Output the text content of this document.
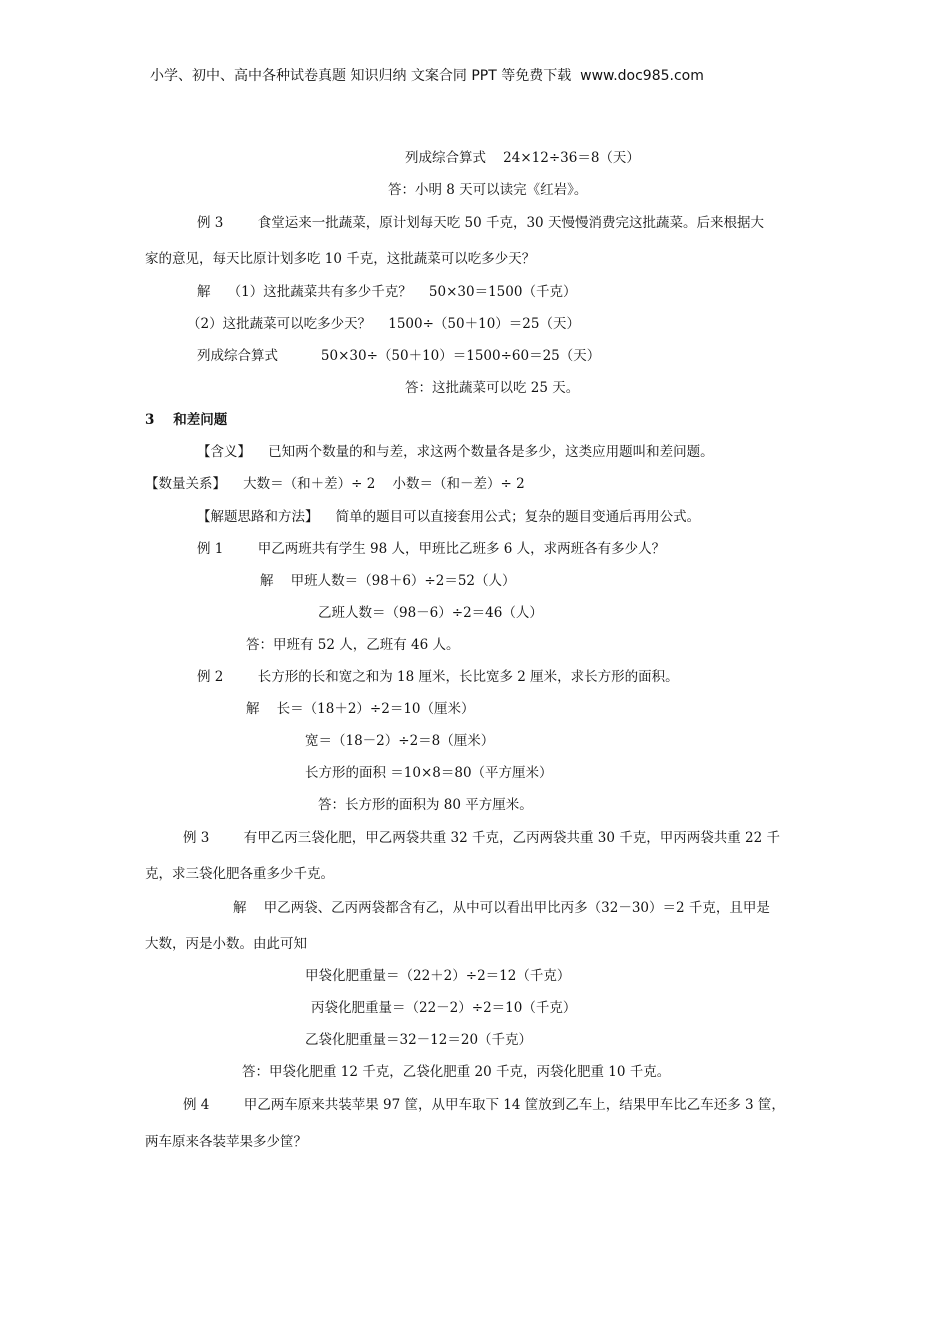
小学、初中、高中各种试卷真题 知识归纳 文案合同 PPT 等免费下载  www.doc985.com
列成综合算式    24×12÷36＝8（天）
答：小明 8 天可以读完《红岩》。
例 3        食堂运来一批蔬菜，原计划每天吃 50 千克，30 天慢慢消费完这批蔬菜。后来根据大
家的意见，每天比原计划多吃 10 千克，这批蔬菜可以吃多少天？
解    （1）这批蔬菜共有多少千克？    50×30＝1500（千克）
（2）这批蔬菜可以吃多少天？    1500÷（50＋10）＝25（天）
列成综合算式          50×30÷（50＋10）＝1500÷60＝25（天）
答：这批蔬菜可以吃 25 天。
3    和差问题
【含义】    已知两个数量的和与差，求这两个数量各是多少，这类应用题叫和差问题。
【数量关系】    大数＝（和＋差）÷ 2    小数＝（和－差）÷ 2
【解题思路和方法】    简单的题目可以直接套用公式；复杂的题目变通后再用公式。
例 1        甲乙两班共有学生 98 人，甲班比乙班多 6 人，求两班各有多少人？
解    甲班人数＝（98＋6）÷2＝52（人）
乙班人数＝（98－6）÷2＝46（人）
答：甲班有 52 人，乙班有 46 人。
例 2        长方形的长和宽之和为 18 厘米，长比宽多 2 厘米，求长方形的面积。
解    长＝（18＋2）÷2＝10（厘米）
宽＝（18－2）÷2＝8（厘米）
长方形的面积 ＝10×8＝80（平方厘米）
答：长方形的面积为 80 平方厘米。
例 3        有甲乙丙三袋化肥，甲乙两袋共重 32 千克，乙丙两袋共重 30 千克，甲丙两袋共重 22 千
克，求三袋化肥各重多少千克。
解    甲乙两袋、乙丙两袋都含有乙，从中可以看出甲比丙多（32－30）＝2 千克，且甲是
大数，丙是小数。由此可知
甲袋化肥重量＝（22＋2）÷2＝12（千克）
丙袋化肥重量＝（22－2）÷2＝10（千克）
乙袋化肥重量＝32－12＝20（千克）
答：甲袋化肥重 12 千克，乙袋化肥重 20 千克，丙袋化肥重 10 千克。
例 4        甲乙两车原来共装苹果 97 筐，从甲车取下 14 筐放到乙车上，结果甲车比乙车还多 3 筐，
两车原来各装苹果多少筐？
